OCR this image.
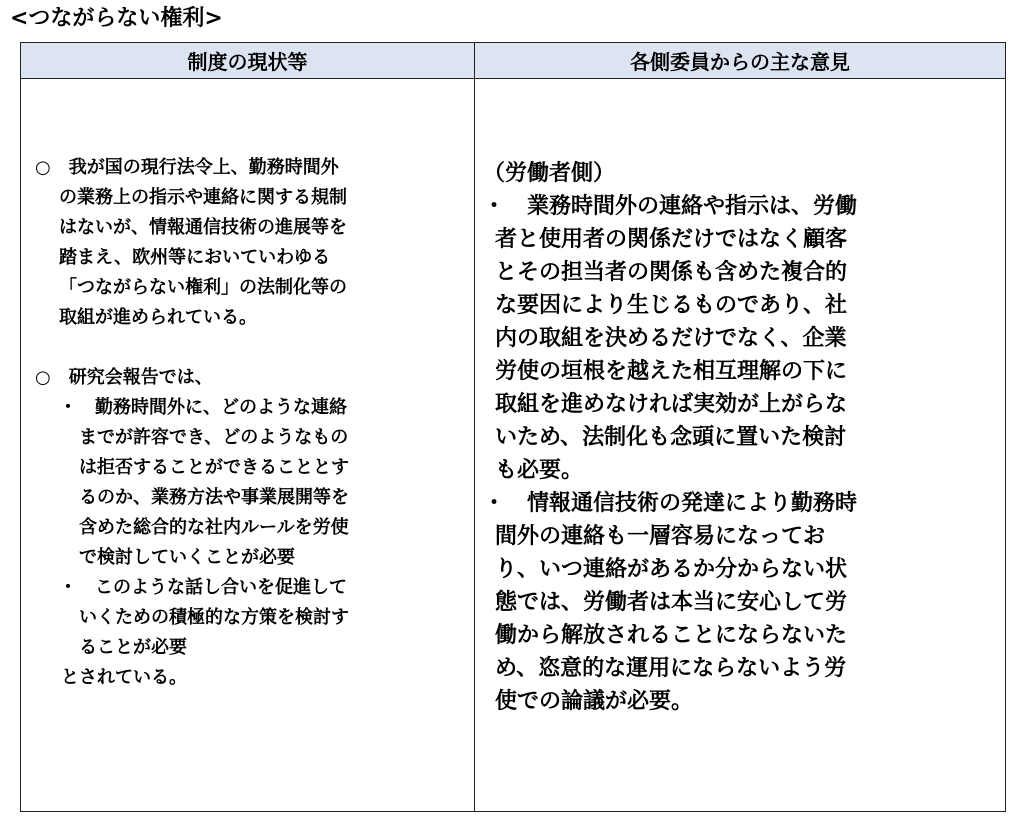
<つながらない権利>
制度の現状等	各側委員からの主な意見

○　我が国の現行法令上、勤務時間外

の業務上の指示や連絡に関する規制

はないが、情報通信技術の進展等を

踏まえ、欧州等においていわゆる

「つながらない権利」の法制化等の

取組が進められている。

○　研究会報告では、

・　勤務時間外に、どのような連絡

までが許容でき、どのようなもの

は拒否することができることとす

るのか、業務方法や事業展開等を

含めた総合的な社内ルールを労使

で検討していくことが必要

・　このような話し合いを促進して

いくための積極的な方策を検討す

ることが必要

とされている。

（労働者側）

・　業務時間外の連絡や指示は、労働

者と使用者の関係だけではなく顧客

とその担当者の関係も含めた複合的

な要因により生じるものであり、社

内の取組を決めるだけでなく、企業

労使の垣根を越えた相互理解の下に

取組を進めなければ実効が上がらな

いため、法制化も念頭に置いた検討

も必要。

・　情報通信技術の発達により勤務時

間外の連絡も一層容易になってお

り、いつ連絡があるか分からない状

態では、労働者は本当に安心して労

働から解放されることにならないた

め、恣意的な運用にならないよう労

使での論議が必要。
